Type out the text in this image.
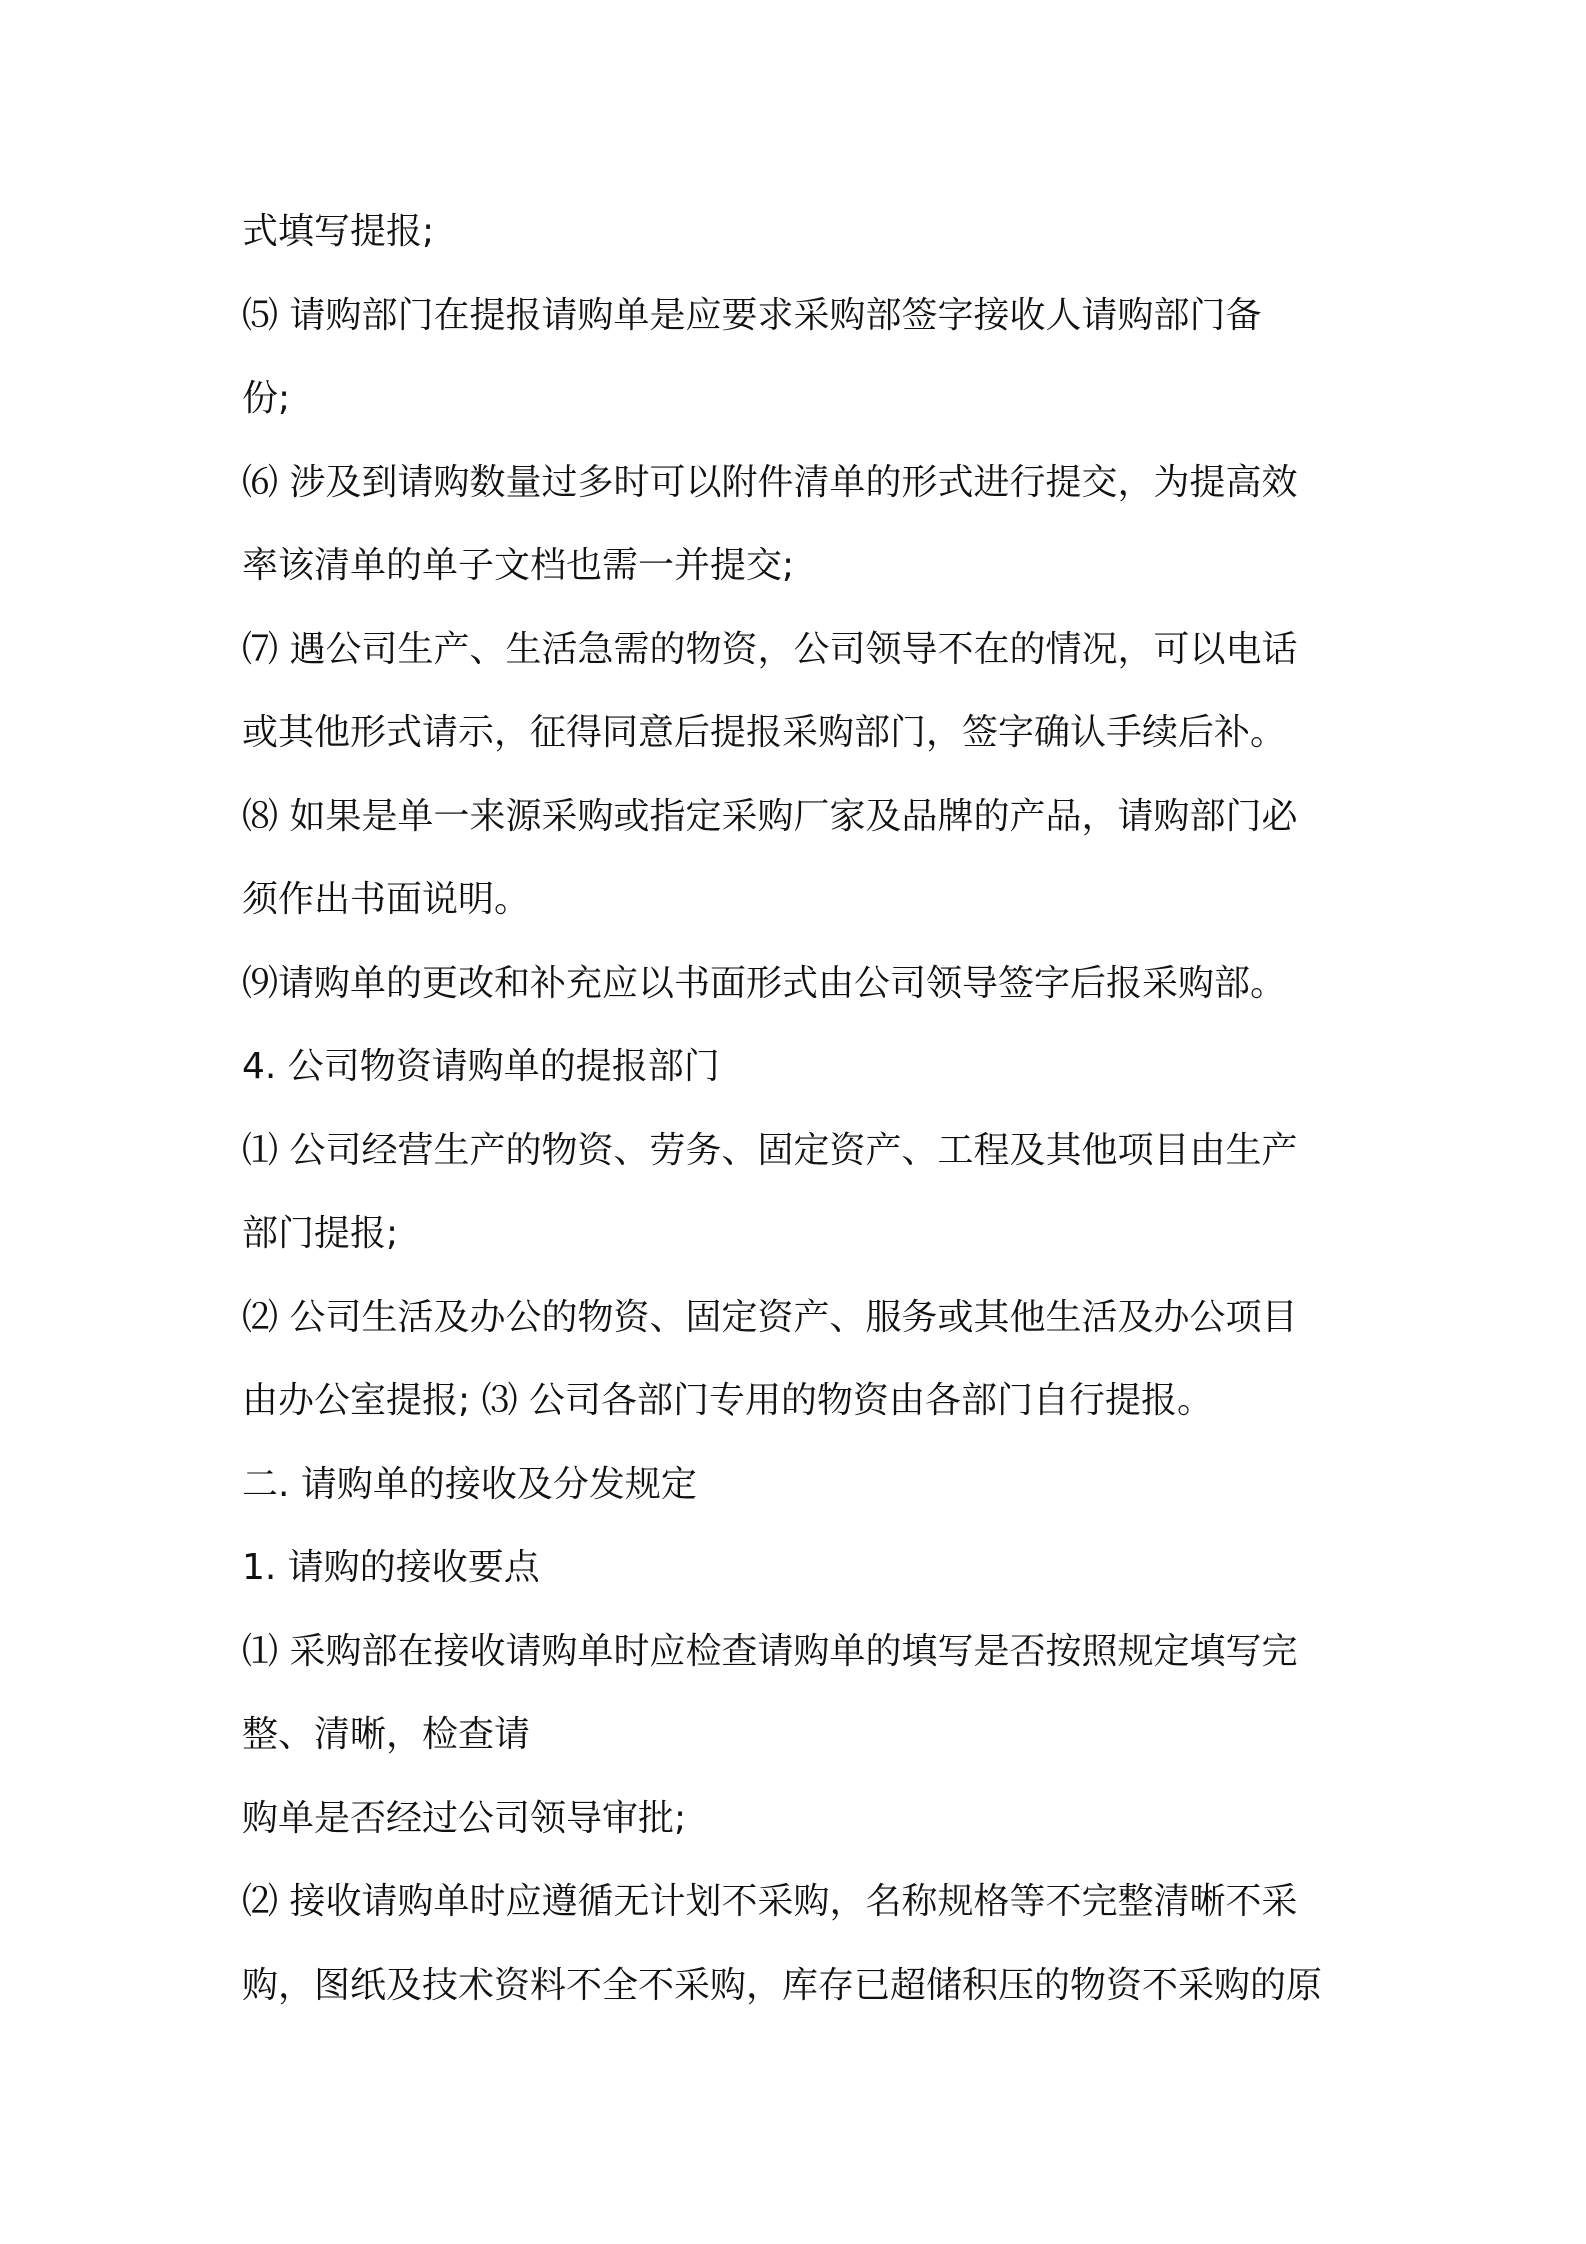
式填写提报;

⑸ 请购部门在提报请购单是应要求采购部签字接收人请购部门备

份;

⑹ 涉及到请购数量过多时可以附件清单的形式进行提交，为提高效

率该清单的单子文档也需一并提交;

⑺ 遇公司生产、生活急需的物资，公司领导不在的情况，可以电话

或其他形式请示，征得同意后提报采购部门，签字确认手续后补。

⑻ 如果是单一来源采购或指定采购厂家及品牌的产品，请购部门必

须作出书面说明。

⑼请购单的更改和补充应以书面形式由公司领导签字后报采购部。

4. 公司物资请购单的提报部门

⑴ 公司经营生产的物资、劳务、固定资产、工程及其他项目由生产

部门提报;

⑵ 公司生活及办公的物资、固定资产、服务或其他生活及办公项目

由办公室提报; ⑶ 公司各部门专用的物资由各部门自行提报。

二. 请购单的接收及分发规定

1. 请购的接收要点

⑴ 采购部在接收请购单时应检查请购单的填写是否按照规定填写完

整、清晰，检查请

购单是否经过公司领导审批;

⑵ 接收请购单时应遵循无计划不采购，名称规格等不完整清晰不采

购，图纸及技术资料不全不采购，库存已超储积压的物资不采购的原
